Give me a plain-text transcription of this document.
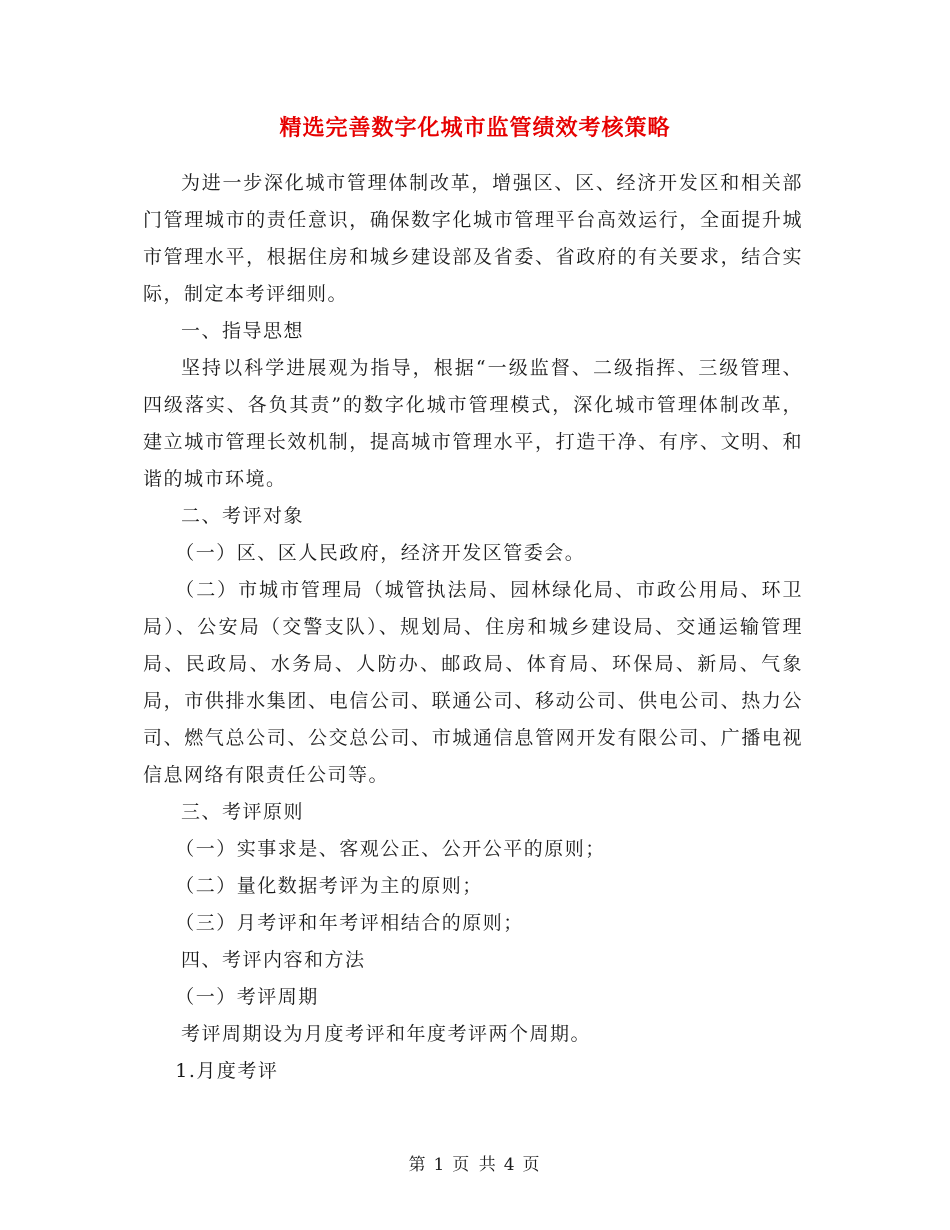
精选完善数字化城市监管绩效考核策略

为进一步深化城市管理体制改革，增强区、区、经济开发区和相关部门管理城市的责任意识，确保数字化城市管理平台高效运行，全面提升城市管理水平，根据住房和城乡建设部及省委、省政府的有关要求，结合实际，制定本考评细则。

一、指导思想

坚持以科学进展观为指导，根据“一级监督、二级指挥、三级管理、四级落实、各负其责”的数字化城市管理模式，深化城市管理体制改革，建立城市管理长效机制，提高城市管理水平，打造干净、有序、文明、和谐的城市环境。

二、考评对象

（一）区、区人民政府，经济开发区管委会。

（二）市城市管理局（城管执法局、园林绿化局、市政公用局、环卫局）、公安局（交警支队）、规划局、住房和城乡建设局、交通运输管理局、民政局、水务局、人防办、邮政局、体育局、环保局、新局、气象局，市供排水集团、电信公司、联通公司、移动公司、供电公司、热力公司、燃气总公司、公交总公司、市城通信息管网开发有限公司、广播电视信息网络有限责任公司等。

三、考评原则

（一）实事求是、客观公正、公开公平的原则；

（二）量化数据考评为主的原则；

（三）月考评和年考评相结合的原则；

四、考评内容和方法

（一）考评周期

考评周期设为月度考评和年度考评两个周期。

1.月度考评

第 1 页 共 4 页
